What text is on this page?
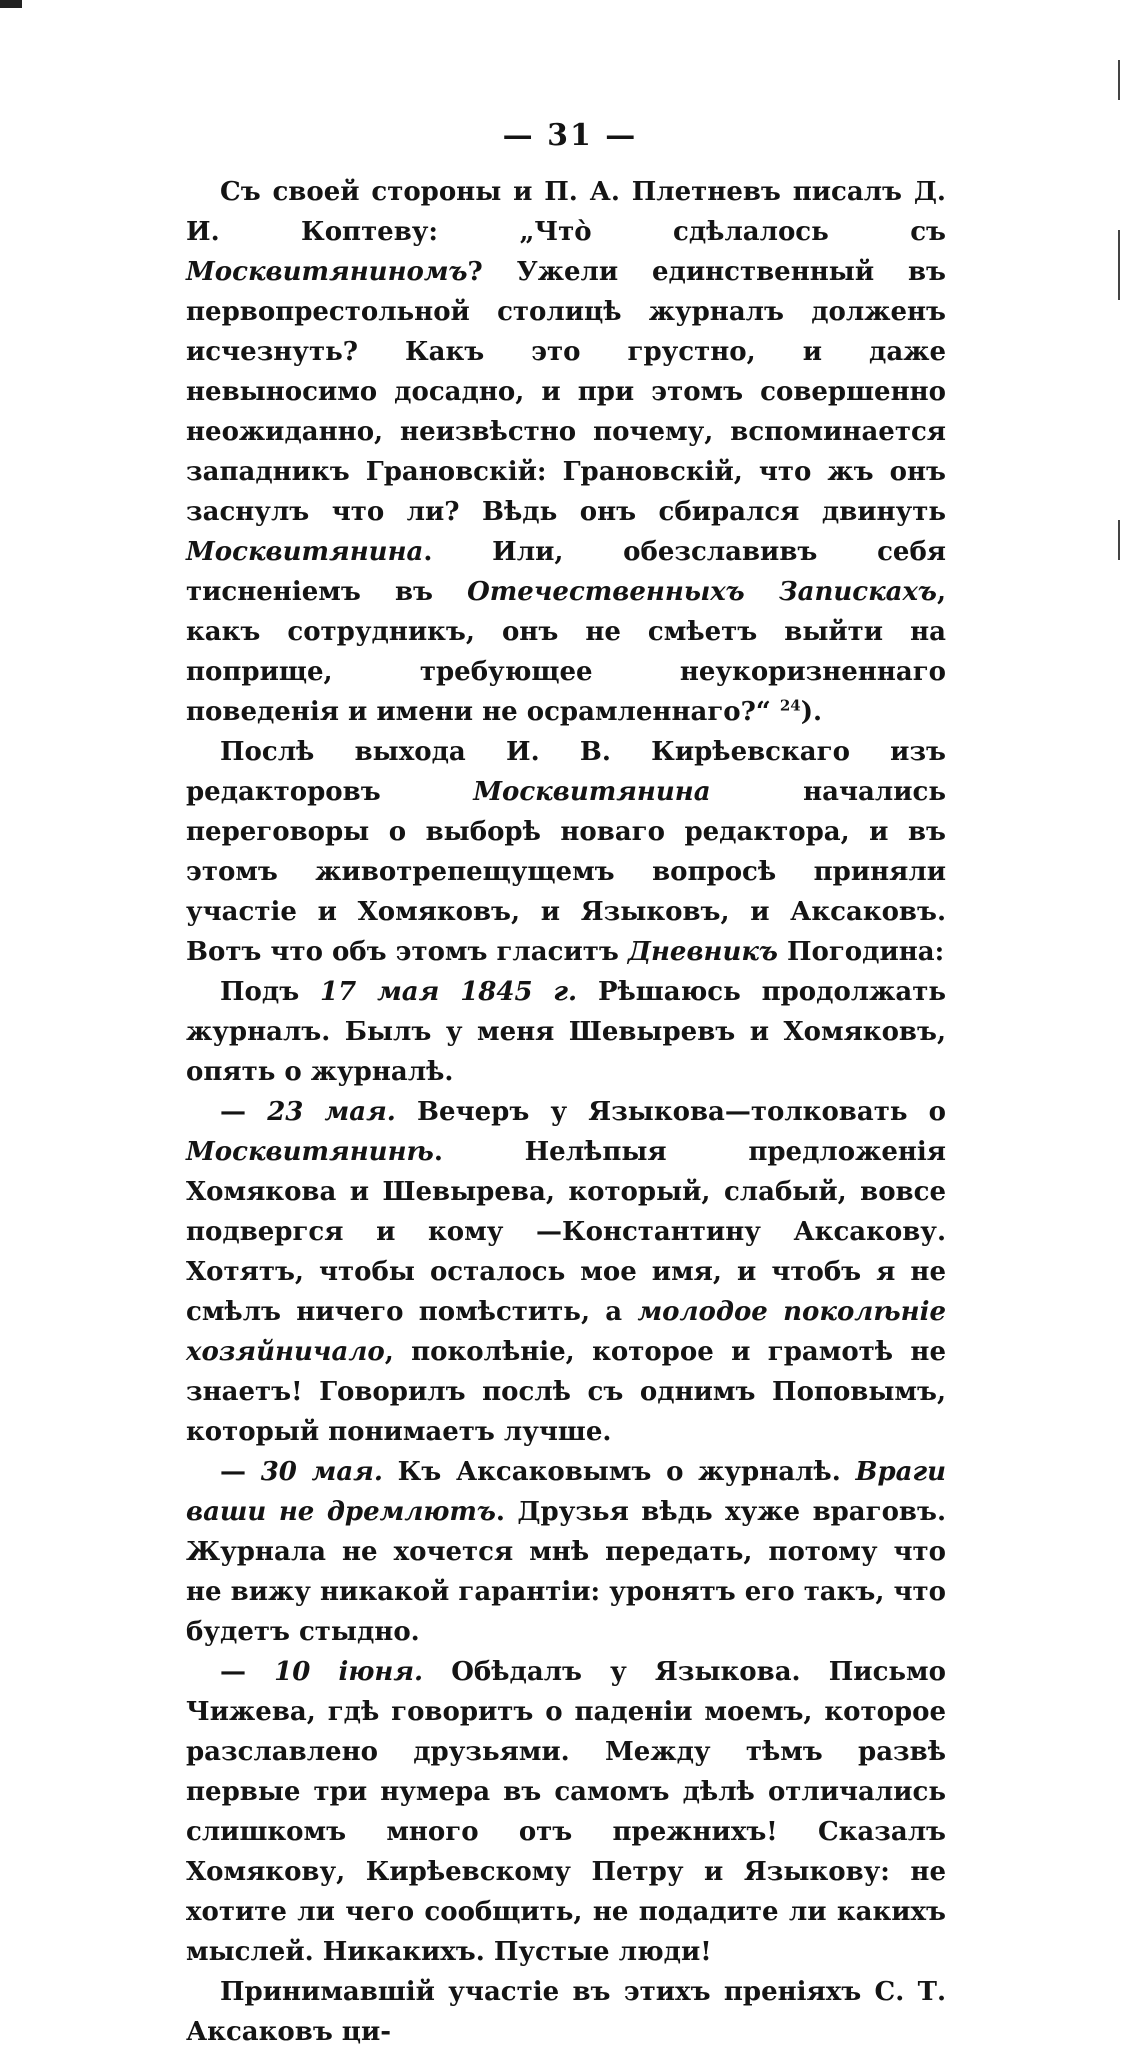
— 31 —

Съ своей стороны и П. А. Плетневъ писалъ Д. И. Коптеву: „Чтò сдѣлалось съ Москвитяниномъ? Ужели единственный въ первопрестольной столицѣ журналъ долженъ исчезнуть? Какъ это грустно, и даже невыносимо досадно, и при этомъ совершенно неожиданно, неизвѣстно почему, вспоминается западникъ Грановскій: Грановскій, что жъ онъ заснулъ что ли? Вѣдь онъ сбирался двинуть Москвитянина. Или, обезславивъ себя тисненіемъ въ Отечественныхъ Запискахъ, какъ сотрудникъ, онъ не смѣетъ выйти на поприще, требующее неукоризненнаго поведенія и имени не осрамленнаго?“ $^{24}$).

Послѣ выхода И. В. Кирѣевскаго изъ редакторовъ Москвитянина начались переговоры о выборѣ новаго редактора, и въ этомъ животрепещущемъ вопросѣ приняли участіе и Хомяковъ, и Языковъ, и Аксаковъ. Вотъ что объ этомъ гласитъ Дневникъ Погодина:

Подъ 17 мая 1845 г. Рѣшаюсь продолжать журналъ. Былъ у меня Шевыревъ и Хомяковъ, опять о журналѣ.

— 23 мая. Вечеръ у Языкова—толковать о Москвитянинѣ. Нелѣпыя предложенія Хомякова и Шевырева, который, слабый, вовсе подвергся и кому —Константину Аксакову. Хотятъ, чтобы осталось мое имя, и чтобъ я не смѣлъ ничего помѣстить, а молодое поколѣніе хозяйничало, поколѣніе, которое и грамотѣ не знаетъ! Говорилъ послѣ съ однимъ Поповымъ, который понимаетъ лучше.

— 30 мая. Къ Аксаковымъ о журналѣ. Враги ваши не дремлютъ. Друзья вѣдь хуже враговъ. Журнала не хочется мнѣ передать, потому что не вижу никакой гарантіи: уронятъ его такъ, что будетъ стыдно.

— 10 іюня. Обѣдалъ у Языкова. Письмо Чижева, гдѣ говоритъ о паденіи моемъ, которое разславлено друзьями. Между тѣмъ развѣ первые три нумера въ самомъ дѣлѣ отличались слишкомъ много отъ прежнихъ! Сказалъ Хомякову, Кирѣевскому Петру и Языкову: не хотите ли чего сообщить, не подадите ли какихъ мыслей. Никакихъ. Пустые люди!

Принимавшій участіе въ этихъ преніяхъ С. Т. Аксаковъ ци-
